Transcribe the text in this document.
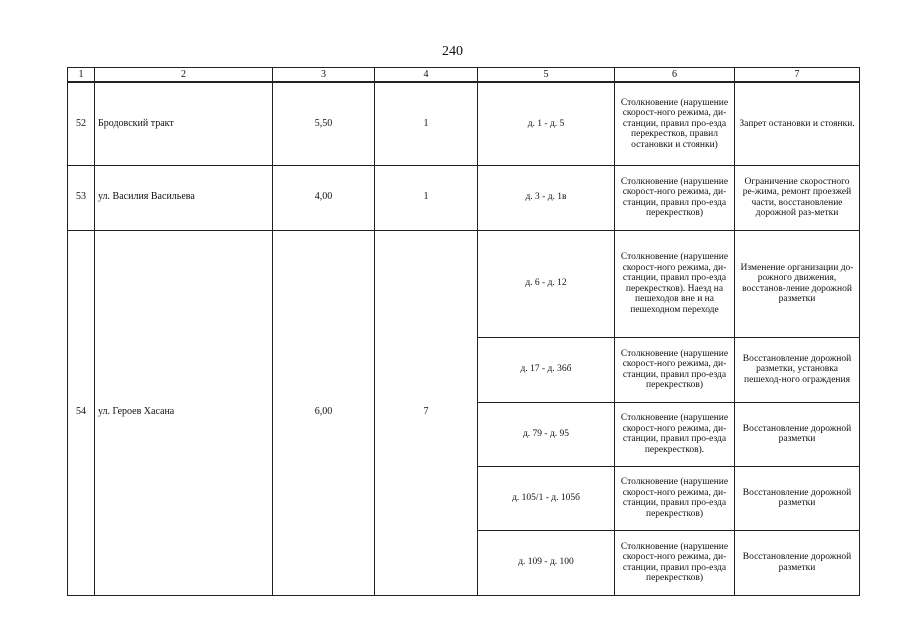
240
1	2	3	4	5	6	7
52	Бродовский тракт	5,50	1	д. 1 - д. 5	Столкновение (нарушение скорост-ного режима, ди-станции, правил про-езда перекрестков, правил остановки и стоянки)	Запрет остановки и стоянки.
53	ул. Василия Васильева	4,00	1	д. 3 - д. 1в	Столкновение (нарушение скорост-ного режима, ди-станции, правил про-езда перекрестков)	Ограничение скоростного ре-жима, ремонт проезжей части, восстановление дорожной раз-метки
54	ул. Героев Хасана	6,00	7	д. 6 - д. 12	Столкновение (нарушение скорост-ного режима, ди-станции, правил про-езда перекрестков). Наезд на пешеходов вне и на пешеходном переходе	Изменение организации до-рожного движения, восстанов-ление дорожной разметки
				д. 17 - д. 36б	Столкновение (нарушение скорост-ного режима, ди-станции, правил про-езда перекрестков)	Восстановление дорожной разметки, установка пешеход-ного ограждения
				д. 79 - д. 95	Столкновение (нарушение скорост-ного режима, ди-станции, правил про-езда перекрестков).	Восстановление дорожной разметки
				д. 105/1 - д. 105б	Столкновение (нарушение скорост-ного режима, ди-станции, правил про-езда перекрестков)	Восстановление дорожной разметки
				д. 109 - д. 100	Столкновение (нарушение скорост-ного режима, ди-станции, правил про-езда перекрестков)	Восстановление дорожной разметки
